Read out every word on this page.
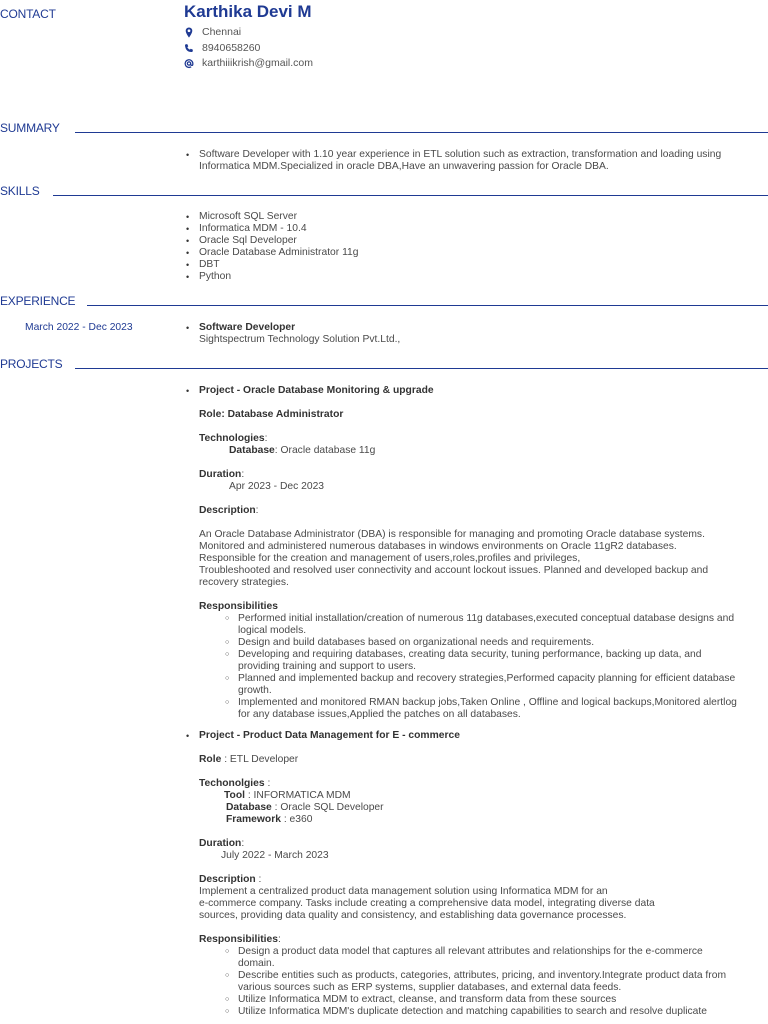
CONTACT	Karthika Devi M
Chennai
8940658260
karthiiikrish@gmail.com
SUMMARY
• Software Developer with 1.10 year experience in ETL solution such as extraction, transformation and loading using
Informatica MDM.Specialized in oracle DBA,Have an unwavering passion for Oracle DBA.
SKILLS
• Microsoft SQL Server
• Informatica MDM - 10.4
• Oracle Sql Developer
• Oracle Database Administrator 11g
• DBT
• Python
EXPERIENCE
March 2022 - Dec 2023
•	Software Developer
Sightspectrum Technology Solution Pvt.Ltd.,
PROJECTS
• Project - Oracle Database Monitoring & upgrade
Role: Database Administrator
Technologies:
Database: Oracle database 11g
Duration:
Apr 2023 - Dec 2023
Description:
An Oracle Database Administrator (DBA) is responsible for managing and promoting Oracle database systems.
Monitored and administered numerous databases in windows environments on Oracle 11gR2 databases.
Responsible for the creation and management of users,roles,profiles and privileges,
Troubleshooted and resolved user connectivity and account lockout issues. Planned and developed backup and
recovery strategies.
Responsibilities
○ Performed initial installation/creation of numerous 11g databases,executed conceptual database designs and
logical models.
○ Design and build databases based on organizational needs and requirements.
○ Developing and requiring databases, creating data security, tuning performance, backing up data, and
providing training and support to users.
○ Planned and implemented backup and recovery strategies,Performed capacity planning for efficient database
growth.
○ Implemented and monitored RMAN backup jobs,Taken Online , Offline and logical backups,Monitored alertlog
for any database issues,Applied the patches on all databases.
• Project - Product Data Management for E - commerce
Role : ETL Developer
Techonolgies :
Tool : INFORMATICA MDM
Database : Oracle SQL Developer
Framework : e360
Duration:
July 2022 - March 2023
Description :
Implement a centralized product data management solution using Informatica MDM for an
e-commerce company. Tasks include creating a comprehensive data model, integrating diverse data
sources, providing data quality and consistency, and establishing data governance processes.
Responsibilities:
○ Design a product data model that captures all relevant attributes and relationships for the e-commerce
domain.
○ Describe entities such as products, categories, attributes, pricing, and inventory.Integrate product data from
various sources such as ERP systems, supplier databases, and external data feeds.
○ Utilize Informatica MDM to extract, cleanse, and transform data from these sources
○ Utilize Informatica MDM's duplicate detection and matching capabilities to search and resolve duplicate
